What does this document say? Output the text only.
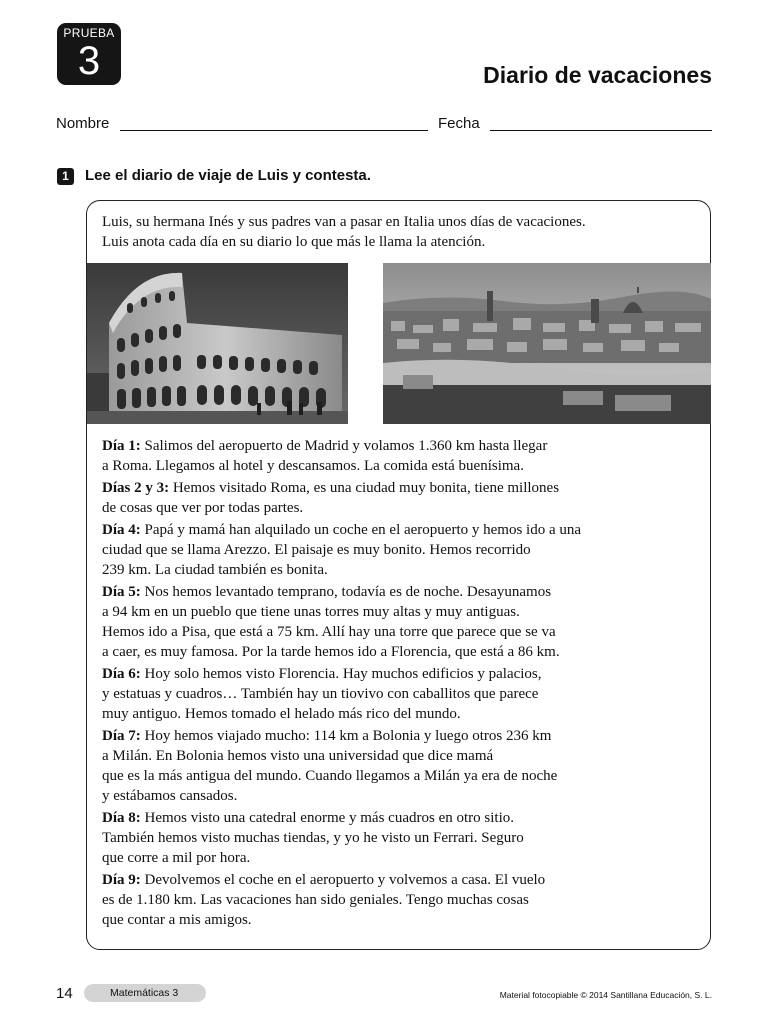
PRUEBA
3	Diario de vacaciones
Nombre	Fecha
1	Lee el diario de viaje de Luis y contesta.

Luis, su hermana Inés y sus padres van a pasar en Italia unos días de vacaciones.

Luis anota cada día en su diario lo que más le llama la atención.

Día 1: Salimos del aeropuerto de Madrid y volamos 1.360 km hasta llegar
a Roma. Llegamos al hotel y descansamos. La comida está buenísima.
Días 2 y 3: Hemos visitado Roma, es una ciudad muy bonita, tiene millones
de cosas que ver por todas partes.
Día 4: Papá y mamá han alquilado un coche en el aeropuerto y hemos ido a una
ciudad que se llama Arezzo. El paisaje es muy bonito. Hemos recorrido
239 km. La ciudad también es bonita.
Día 5: Nos hemos levantado temprano, todavía es de noche. Desayunamos
a 94 km en un pueblo que tiene unas torres muy altas y muy antiguas.
Hemos ido a Pisa, que está a 75 km. Allí hay una torre que parece que se va
a caer, es muy famosa. Por la tarde hemos ido a Florencia, que está a 86 km.
Día 6: Hoy solo hemos visto Florencia. Hay muchos edificios y palacios,
y estatuas y cuadros… También hay un tiovivo con caballitos que parece
muy antiguo. Hemos tomado el helado más rico del mundo.
Día 7: Hoy hemos viajado mucho: 114 km a Bolonia y luego otros 236 km
a Milán. En Bolonia hemos visto una universidad que dice mamá
que es la más antigua del mundo. Cuando llegamos a Milán ya era de noche
y estábamos cansados.
Día 8: Hemos visto una catedral enorme y más cuadros en otro sitio.
También hemos visto muchas tiendas, y yo he visto un Ferrari. Seguro
que corre a mil por hora.
Día 9: Devolvemos el coche en el aeropuerto y volvemos a casa. El vuelo
es de 1.180 km. Las vacaciones han sido geniales. Tengo muchas cosas
que contar a mis amigos.
14	Matemáticas 3	Material fotocopiable © 2014 Santillana Educación, S. L.
